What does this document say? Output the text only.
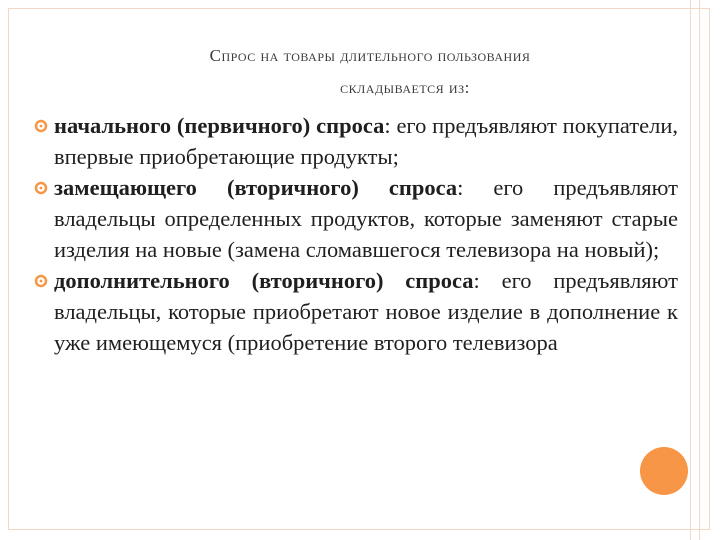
Спрос на товары длительного пользования
складывается из:
начального (первичного) спроса: его предъявляют покупатели, впервые приобретающие продукты;
замещающего (вторичного) спроса: его предъявляют владельцы определенных продуктов, которые заменяют старые изделия на новые (замена сломавшегося телевизора на новый);
дополнительного (вторичного) спроса: его предъявляют владельцы, которые приобретают новое изделие в дополнение к уже имеющемуся (приобретение второго телевизора
